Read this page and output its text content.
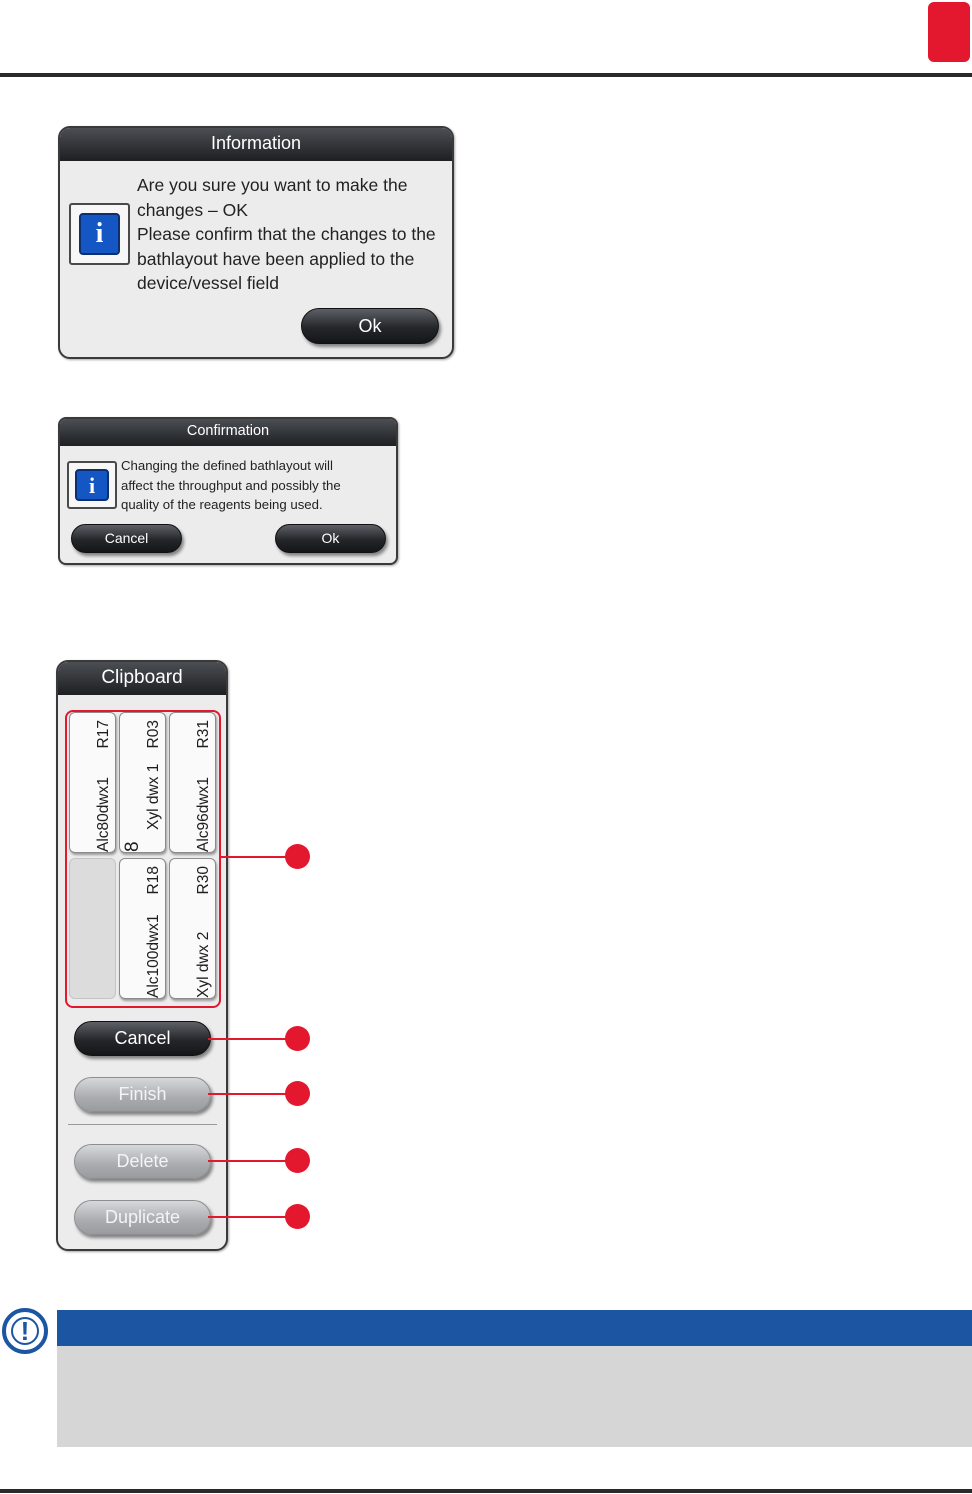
Information
i
Are you sure you want to make the
changes – OK
Please confirm that the changes to the
bathlayout have been applied to the
device/vessel field
Ok
Confirmation
i
Changing the defined bathlayout will
affect the throughput and possibly the
quality of the reagents being used.
Cancel	Ok
Clipboard
Alc80dwx1
R17
8
Xyl dwx 1
R03
Alc96dwx1
R31
Alc100dwx1
R18
Xyl dwx 2
R30
Cancel
Finish
Delete
Duplicate
!
